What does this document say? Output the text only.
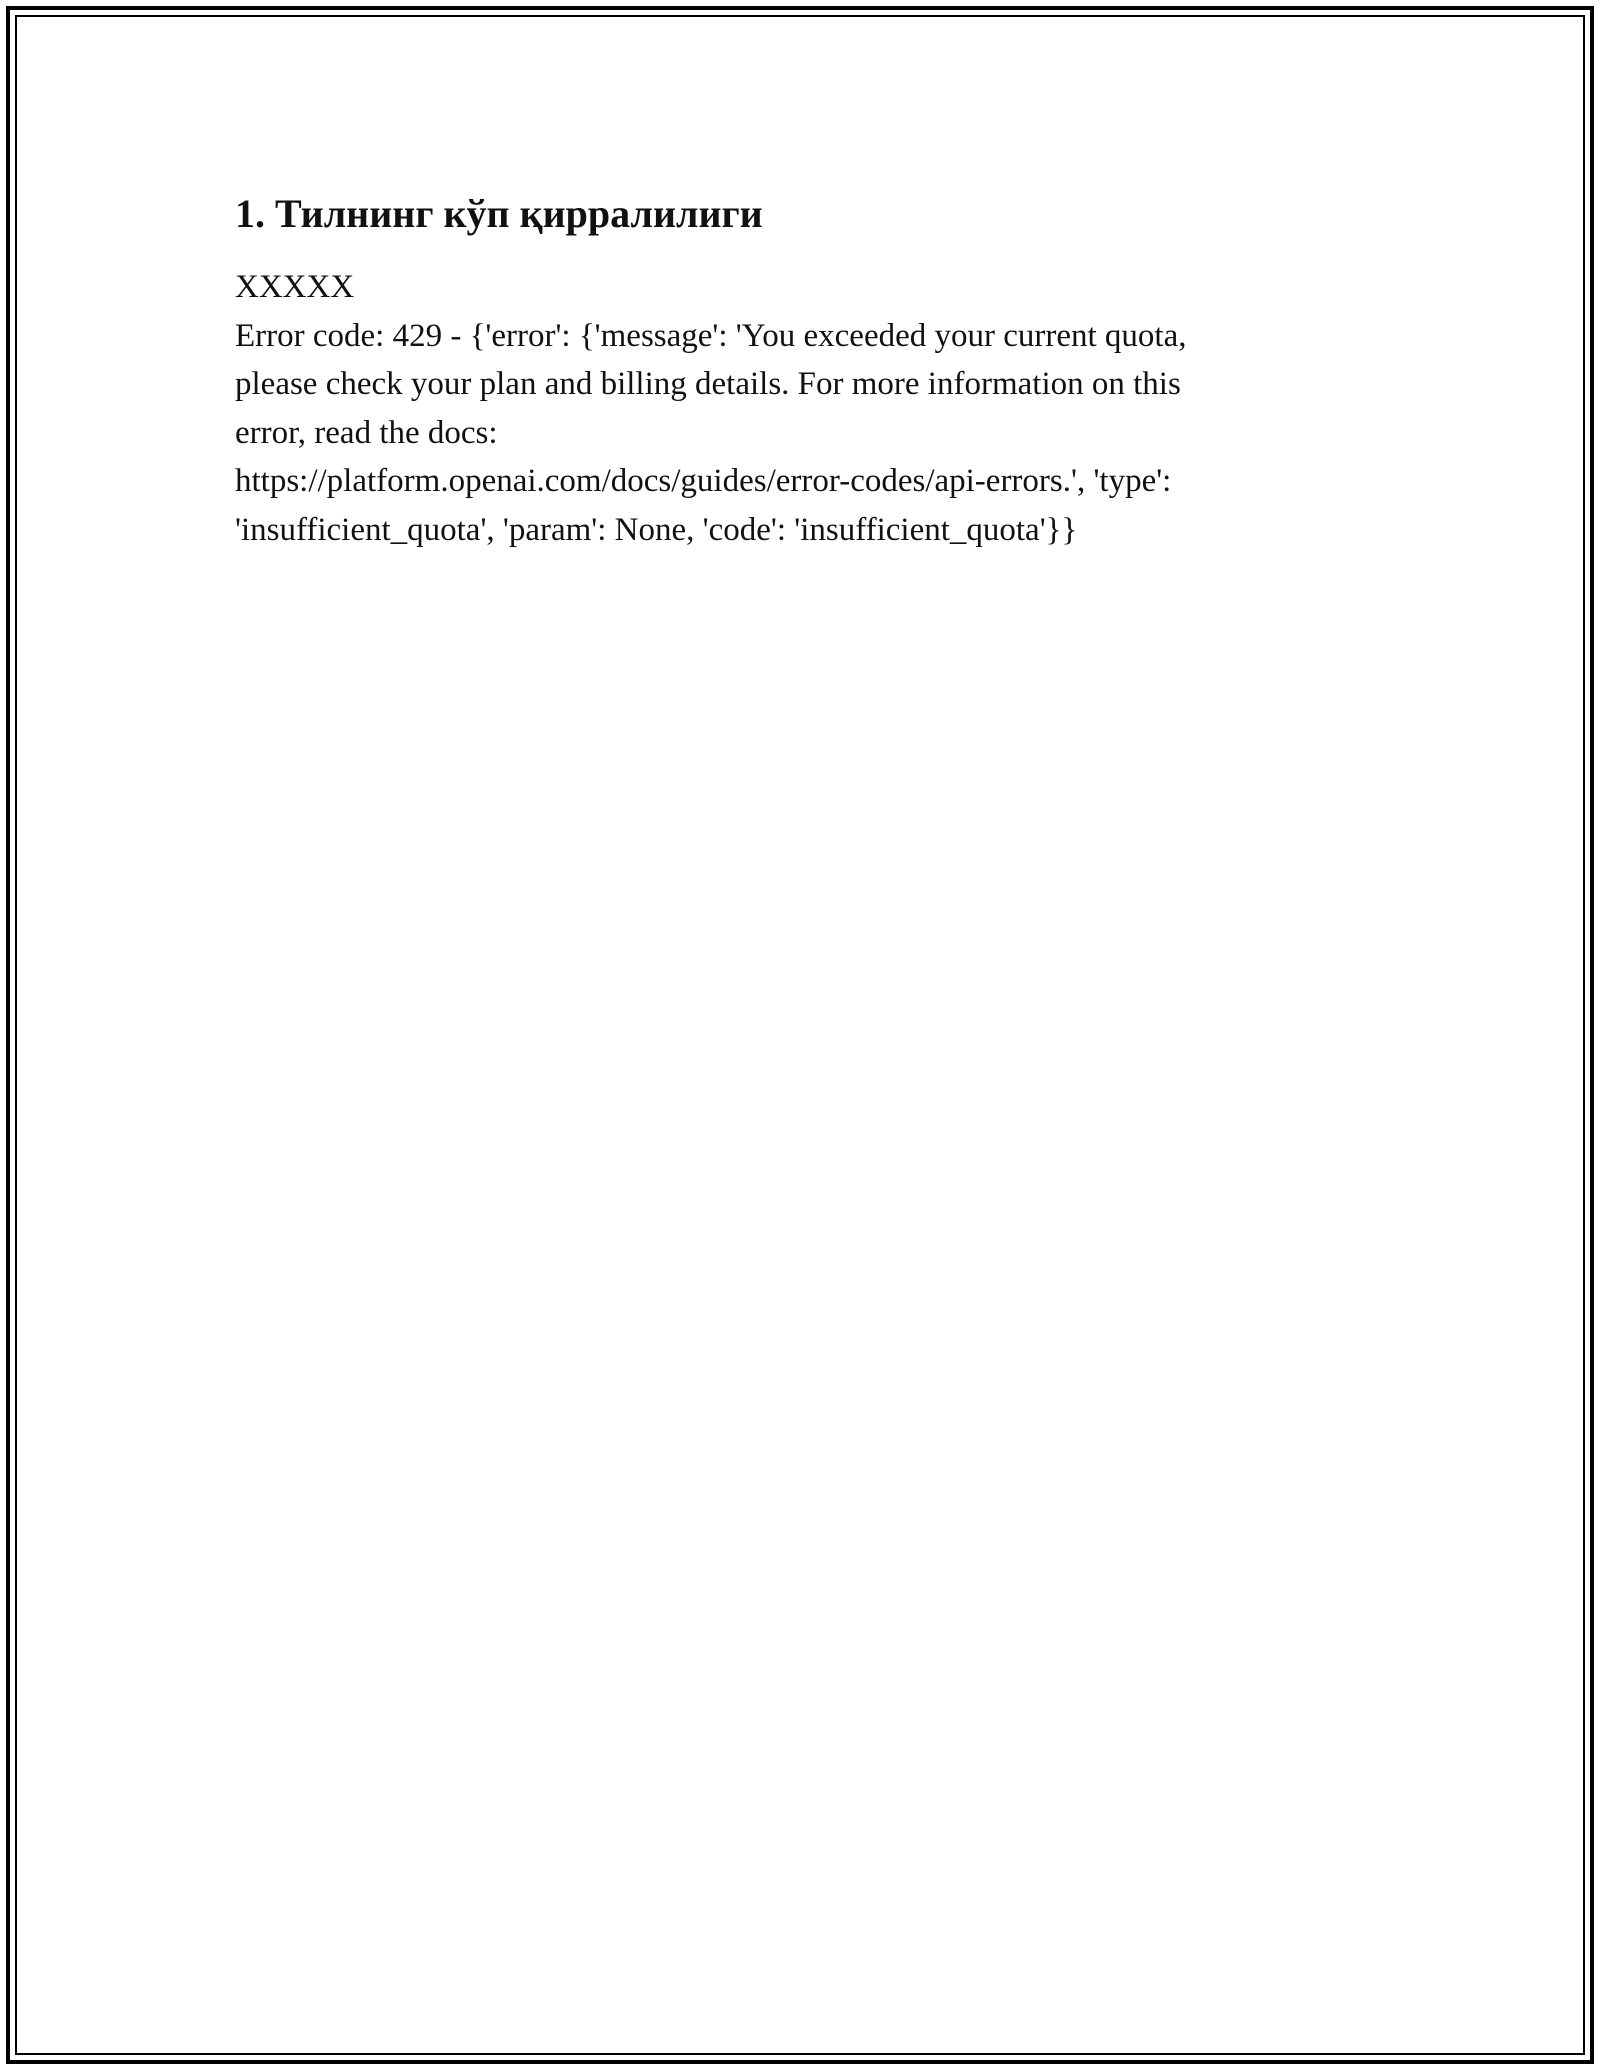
1. Тилнинг кўп қирралилиги
XXXXX
Error code: 429 - {'error': {'message': 'You exceeded your current quota,
please check your plan and billing details. For more information on this
error, read the docs:
https://platform.openai.com/docs/guides/error-codes/api-errors.', 'type':
'insufficient_quota', 'param': None, 'code': 'insufficient_quota'}}
